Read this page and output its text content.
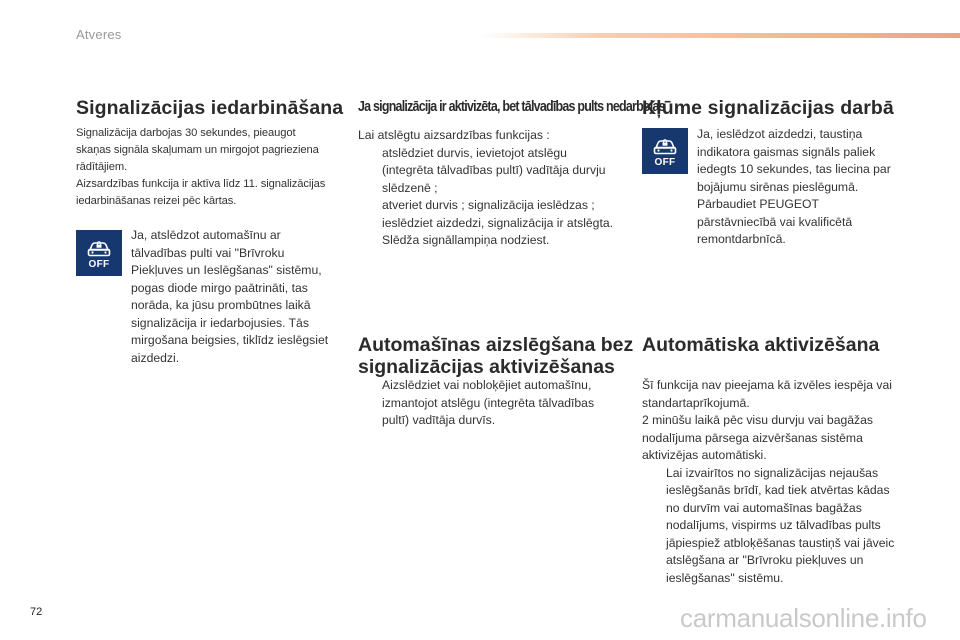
Atveres
Signalizācijas iedarbināšana
Signalizācija darbojas 30 sekundes, pieaugot
skaņas signāla skaļumam un mirgojot pagrieziena
rādītājiem.
Aizsardzības funkcija ir aktīva līdz 11. signalizācijas
iedarbināšanas reizei pēc kārtas.
OFF
Ja, atslēdzot automašīnu ar
tālvadības pulti vai "Brīvroku
Piekļuves un Ieslēgšanas" sistēmu,
pogas diode mirgo paātrināti, tas
norāda, ka jūsu prombūtnes laikā
signalizācija ir iedarbojusies. Tās
mirgošana beigsies, tiklīdz ieslēgsiet
aizdedzi.
Ja signalizācija ir aktivizēta, bet tālvadības pults nedarbojas
Lai atslēgtu aizsardzības funkcijas :
atslēdziet durvis, ievietojot atslēgu
(integrēta tālvadības pultī) vadītāja durvju
slēdzenē ;
atveriet durvis ; signalizācija ieslēdzas ;
ieslēdziet aizdedzi, signalizācija ir atslēgta.
Slēdža signāllampiņa nodziest.
Automašīnas aizslēgšana bez
signalizācijas aktivizēšanas
Aizslēdziet vai nobloķējiet automašīnu,
izmantojot atslēgu (integrēta tālvadības
pultī) vadītāja durvīs.
Kļūme signalizācijas darbā
OFF
Ja, ieslēdzot aizdedzi, taustiņa
indikatora gaismas signāls paliek
iedegts 10 sekundes, tas liecina par
bojājumu sirēnas pieslēgumā.
Pārbaudiet PEUGEOT
pārstāvniecībā vai kvalificētā
remontdarbnīcā.
Automātiska aktivizēšana
Šī funkcija nav pieejama kā izvēles iespēja vai
standartaprīkojumā.
2 minūšu laikā pēc visu durvju vai bagāžas
nodalījuma pārsega aizvēršanas sistēma
aktivizējas automātiski.
Lai izvairītos no signalizācijas nejaušas
ieslēgšanās brīdī, kad tiek atvērtas kādas
no durvīm vai automašīnas bagāžas
nodalījums, vispirms uz tālvadības pults
jāpiespiež atbloķēšanas taustiņš vai jāveic
atslēgšana ar "Brīvroku piekļuves un
ieslēgšanas" sistēmu.
72	carmanualsonline.info
